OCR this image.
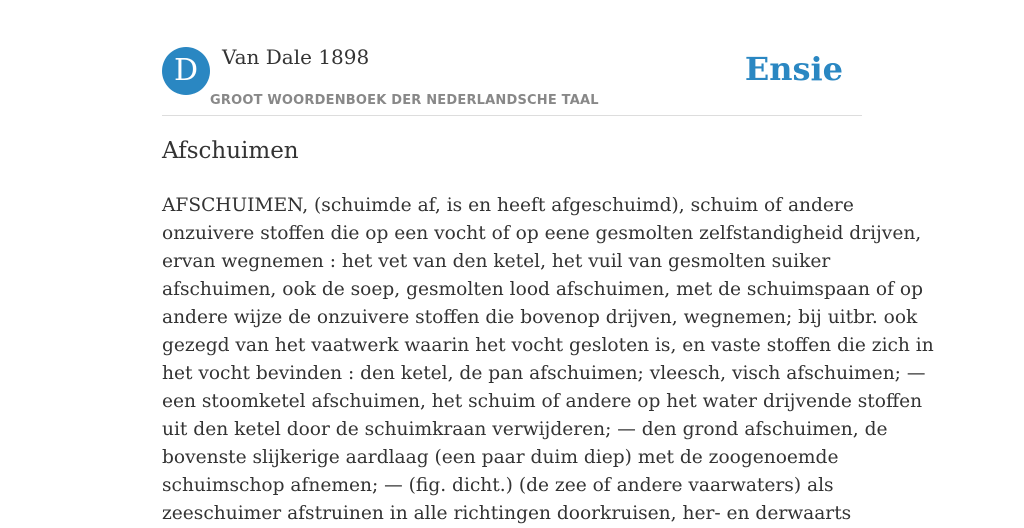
D	Van Dale 1898
GROOT WOORDENBOEK DER NEDERLANDSCHE TAAL
Ensie
Afschuimen
AFSCHUIMEN, (schuimde af, is en heeft afgeschuimd), schuim of andere
onzuivere stoffen die op een vocht of op eene gesmolten zelfstandigheid drijven,
ervan wegnemen : het vet van den ketel, het vuil van gesmolten suiker
afschuimen, ook de soep, gesmolten lood afschuimen, met de schuimspaan of op
andere wijze de onzuivere stoffen die bovenop drijven, wegnemen; bij uitbr. ook
gezegd van het vaatwerk waarin het vocht gesloten is, en vaste stoffen die zich in
het vocht bevinden : den ketel, de pan afschuimen; vleesch, visch afschuimen; —
een stoomketel afschuimen, het schuim of andere op het water drijvende stoffen
uit den ketel door de schuimkraan verwijderen; — den grond afschuimen, de
bovenste slijkerige aardlaag (een paar duim diep) met de zoogenoemde
schuimschop afnemen; — (fig. dicht.) (de zee of andere vaarwaters) als
zeeschuimer afstruinen in alle richtingen doorkruisen, her- en derwaarts
